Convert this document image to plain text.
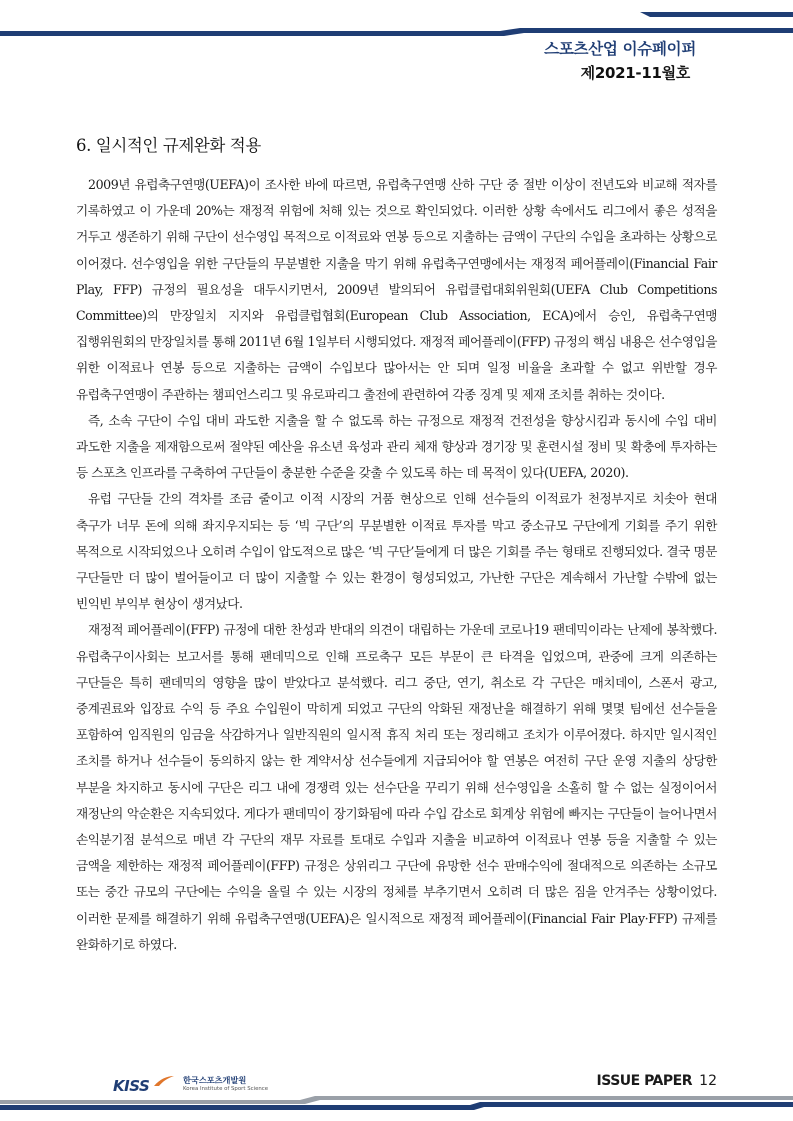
스포츠산업 이슈페이퍼
제2021-11월호
6. 일시적인 규제완화 적용

2009년 유럽축구연맹(UEFA)이 조사한 바에 따르면, 유럽축구연맹 산하 구단 중 절반 이상이 전년도와 비교해 적자를 기록하였고 이 가운데 20%는 재정적 위험에 처해 있는 것으로 확인되었다. 이러한 상황 속에서도 리그에서 좋은 성적을 거두고 생존하기 위해 구단이 선수영입 목적으로 이적료와 연봉 등으로 지출하는 금액이 구단의 수입을 초과하는 상황으로 이어졌다. 선수영입을 위한 구단들의 무분별한 지출을 막기 위해 유럽축구연맹에서는 재정적 페어플레이(Financial Fair Play, FFP) 규정의 필요성을 대두시키면서, 2009년 발의되어 유럽클럽대회위원회(UEFA Club Competitions Committee)의 만장일치 지지와 유럽클럽협회(European Club Association, ECA)에서 승인, 유럽축구연맹 집행위원회의 만장일치를 통해 2011년 6월 1일부터 시행되었다. 재정적 페어플레이(FFP) 규정의 핵심 내용은 선수영입을 위한 이적료나 연봉 등으로 지출하는 금액이 수입보다 많아서는 안 되며 일정 비율을 초과할 수 없고 위반할 경우 유럽축구연맹이 주관하는 챔피언스리그 및 유로파리그 출전에 관련하여 각종 징계 및 제재 조치를 취하는 것이다.

즉, 소속 구단이 수입 대비 과도한 지출을 할 수 없도록 하는 규정으로 재정적 건전성을 향상시킴과 동시에 수입 대비 과도한 지출을 제재함으로써 절약된 예산을 유소년 육성과 관리 체재 향상과 경기장 및 훈련시설 정비 및 확충에 투자하는 등 스포츠 인프라를 구축하여 구단들이 충분한 수준을 갖출 수 있도록 하는 데 목적이 있다(UEFA, 2020).

유럽 구단들 간의 격차를 조금 줄이고 이적 시장의 거품 현상으로 인해 선수들의 이적료가 천정부지로 치솟아 현대 축구가 너무 돈에 의해 좌지우지되는 등 ‘빅 구단’의 무분별한 이적료 투자를 막고 중소규모 구단에게 기회를 주기 위한 목적으로 시작되었으나 오히려 수입이 압도적으로 많은 ‘빅 구단’들에게 더 많은 기회를 주는 형태로 진행되었다. 결국 명문 구단들만 더 많이 벌어들이고 더 많이 지출할 수 있는 환경이 형성되었고, 가난한 구단은 계속해서 가난할 수밖에 없는 빈익빈 부익부 현상이 생겨났다.

재정적 페어플레이(FFP) 규정에 대한 찬성과 반대의 의견이 대립하는 가운데 코로나19 팬데믹이라는 난제에 봉착했다. 유럽축구이사회는 보고서를 통해 팬데믹으로 인해 프로축구 모든 부문이 큰 타격을 입었으며, 관중에 크게 의존하는 구단들은 특히 팬데믹의 영향을 많이 받았다고 분석했다. 리그 중단, 연기, 취소로 각 구단은 매치데이, 스폰서 광고, 중계권료와 입장료 수익 등 주요 수입원이 막히게 되었고 구단의 악화된 재정난을 해결하기 위해 몇몇 팀에선 선수들을 포함하여 임직원의 임금을 삭감하거나 일반직원의 일시적 휴직 처리 또는 정리해고 조치가 이루어졌다. 하지만 일시적인 조치를 하거나 선수들이 동의하지 않는 한 계약서상 선수들에게 지급되어야 할 연봉은 여전히 구단 운영 지출의 상당한 부분을 차지하고 동시에 구단은 리그 내에 경쟁력 있는 선수단을 꾸리기 위해 선수영입을 소홀히 할 수 없는 실정이어서 재정난의 악순환은 지속되었다. 게다가 팬데믹이 장기화됨에 따라 수입 감소로 회계상 위험에 빠지는 구단들이 늘어나면서 손익분기점 분석으로 매년 각 구단의 재무 자료를 토대로 수입과 지출을 비교하여 이적료나 연봉 등을 지출할 수 있는 금액을 제한하는 재정적 페어플레이(FFP) 규정은 상위리그 구단에 유망한 선수 판매수익에 절대적으로 의존하는 소규모 또는 중간 규모의 구단에는 수익을 올릴 수 있는 시장의 정체를 부추기면서 오히려 더 많은 짐을 안겨주는 상황이었다. 이러한 문제를 해결하기 위해 유럽축구연맹(UEFA)은 일시적으로 재정적 페어플레이(Financial Fair Play·FFP) 규제를 완화하기로 하였다.

KISS	한국스포츠개발원
Korea Institute of Sport Science	ISSUE PAPER 12
